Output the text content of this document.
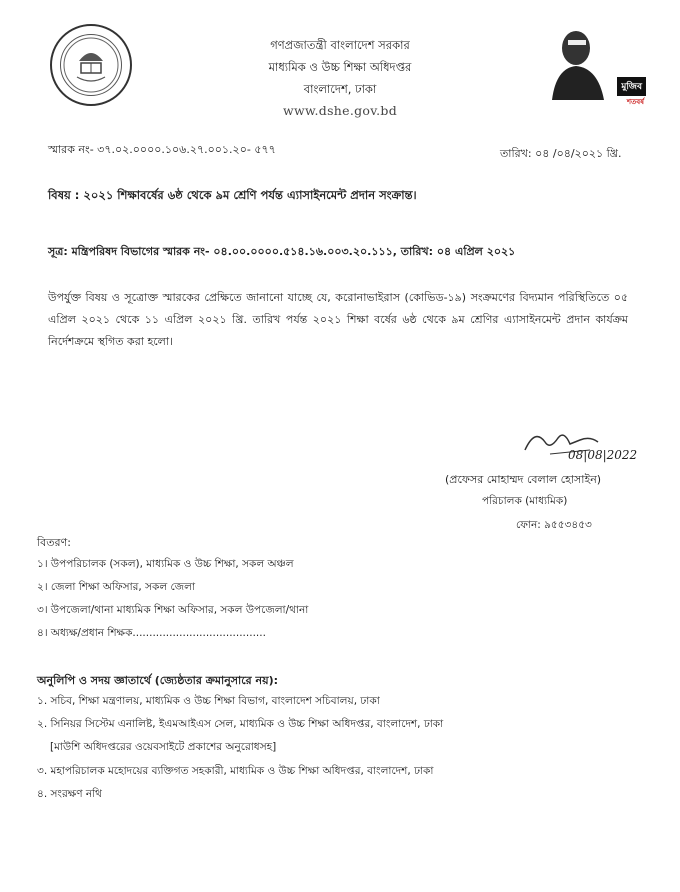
গণপ্রজাতন্ত্রী বাংলাদেশ সরকার
মাধ্যমিক ও উচ্চ শিক্ষা অধিদপ্তর
বাংলাদেশ, ঢাকা
www.dshe.gov.bd
মুজিব
শতবর্ষ
স্মারক নং- ৩৭.০২.০০০০.১০৬.২৭.০০১.২০- ৫৭৭	তারিখ: ০৪ /০৪/২০২১ খ্রি.
বিষয় : ২০২১ শিক্ষাবর্ষের ৬ষ্ঠ থেকে ৯ম শ্রেণি পর্যন্ত এ্যাসাইনমেন্ট প্রদান সংক্রান্ত।
সূত্র: মন্ত্রিপরিষদ বিভাগের স্মারক নং- ০৪.০০.০০০০.৫১৪.১৬.০০৩.২০.১১১, তারিখ: ০৪ এপ্রিল ২০২১
উপর্যুক্ত বিষয় ও সূত্রোক্ত স্মারকের প্রেক্ষিতে জানানো যাচ্ছে যে, করোনাভাইরাস (কোভিড-১৯) সংক্রমণের বিদ্যমান পরিস্থিতিতে ০৫ এপ্রিল ২০২১ থেকে ১১ এপ্রিল ২০২১ খ্রি. তারিখ পর্যন্ত ২০২১ শিক্ষা বর্ষের ৬ষ্ঠ থেকে ৯ম শ্রেণির এ্যাসাইনমেন্ট প্রদান কার্যক্রম নির্দেশক্রমে স্থগিত করা হলো।
08|08|2022
(প্রফেসর মোহাম্মদ বেলাল হোসাইন)
পরিচালক (মাধ্যমিক)
ফোন: ৯৫৫৩৪৫৩
বিতরণ:
১। উপপরিচালক (সকল), মাধ্যমিক ও উচ্চ শিক্ষা, সকল অঞ্চল
২। জেলা শিক্ষা অফিসার, সকল জেলা
৩। উপজেলা/থানা মাধ্যমিক শিক্ষা অফিসার, সকল উপজেলা/থানা
৪। অধ্যক্ষ/প্রধান শিক্ষক........................................
অনুলিপি ও সদয় জ্ঞাতার্থে (জ্যেষ্ঠতার ক্রমানুসারে নয়):
১. সচিব, শিক্ষা মন্ত্রণালয়, মাধ্যমিক ও উচ্চ শিক্ষা বিভাগ, বাংলাদেশ সচিবালয়, ঢাকা
২. সিনিয়র সিস্টেম এনালিষ্ট, ইএমআইএস সেল, মাধ্যমিক ও উচ্চ শিক্ষা অধিদপ্তর, বাংলাদেশ, ঢাকা
[মাউশি অধিদপ্তরের ওয়েবসাইটে প্রকাশের অনুরোধসহ]
৩. মহাপরিচালক মহোদয়ের ব্যক্তিগত সহকারী, মাধ্যমিক ও উচ্চ শিক্ষা অধিদপ্তর, বাংলাদেশ, ঢাকা
৪. সংরক্ষণ নথি
